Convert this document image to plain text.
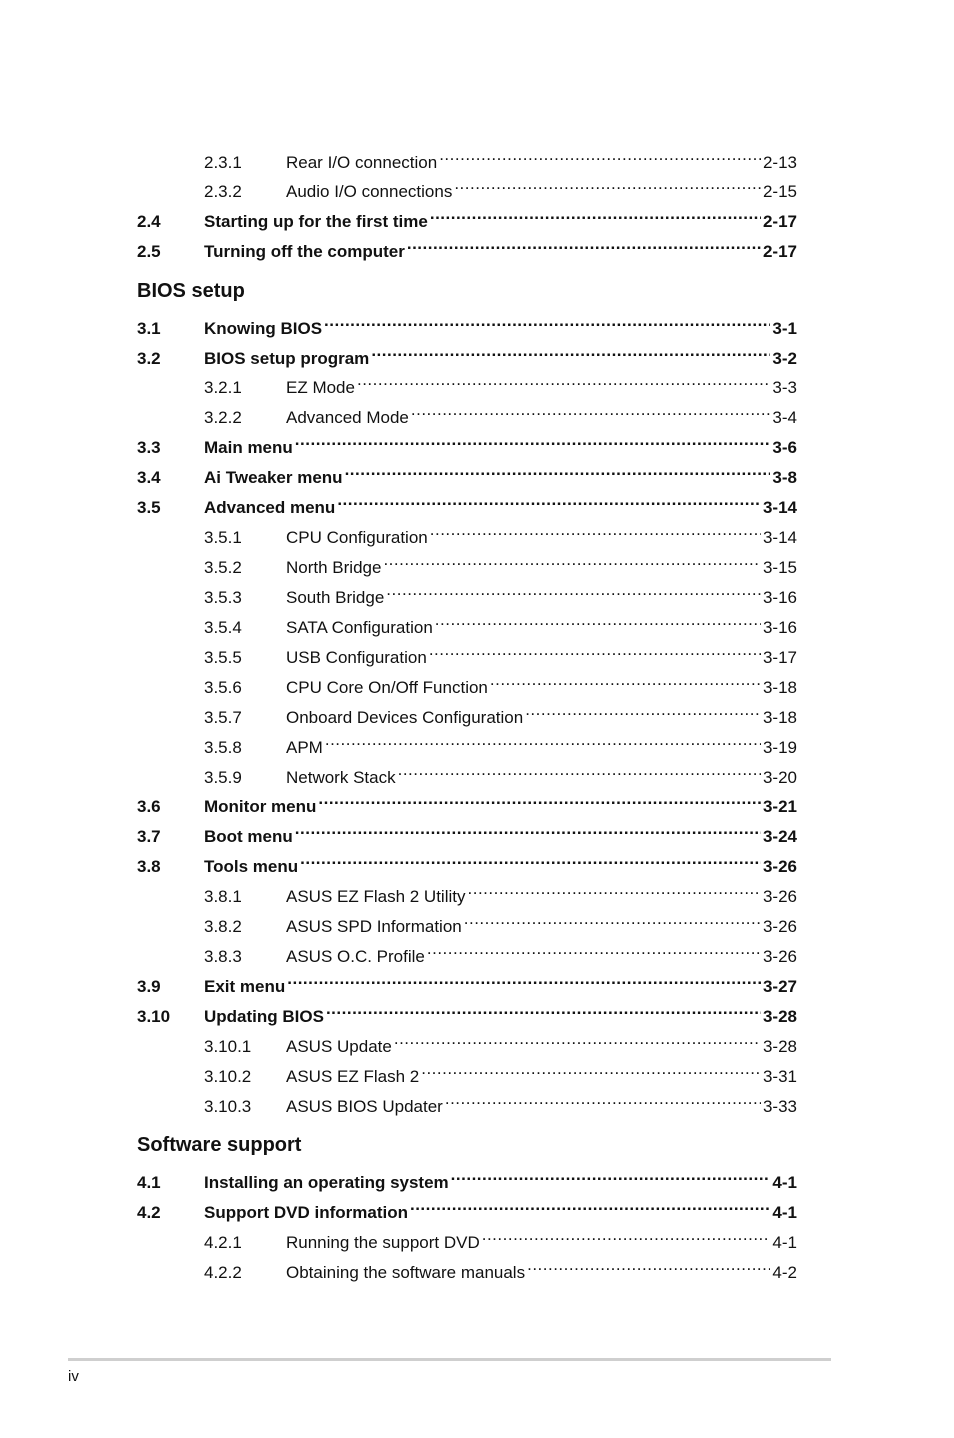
2.3.1	Rear I/O connection .....	2-13
2.3.2	Audio I/O connections .....	2-15
2.4	Starting up for the first time .....	2-17
2.5	Turning off the computer .....	2-17
BIOS setup
3.1	Knowing BIOS .....	3-1
3.2	BIOS setup program .....	3-2
3.2.1	EZ Mode .....	3-3
3.2.2	Advanced Mode .....	3-4
3.3	Main menu .....	3-6
3.4	Ai Tweaker menu .....	3-8
3.5	Advanced menu .....	3-14
3.5.1	CPU Configuration .....	3-14
3.5.2	North Bridge .....	3-15
3.5.3	South Bridge .....	3-16
3.5.4	SATA Configuration .....	3-16
3.5.5	USB Configuration .....	3-17
3.5.6	CPU Core On/Off Function .....	3-18
3.5.7	Onboard Devices Configuration .....	3-18
3.5.8	APM .....	3-19
3.5.9	Network Stack .....	3-20
3.6	Monitor menu .....	3-21
3.7	Boot menu .....	3-24
3.8	Tools menu .....	3-26
3.8.1	ASUS EZ Flash 2 Utility .....	3-26
3.8.2	ASUS SPD Information .....	3-26
3.8.3	ASUS O.C. Profile .....	3-26
3.9	Exit menu .....	3-27
3.10	Updating BIOS .....	3-28
3.10.1	ASUS Update .....	3-28
3.10.2	ASUS EZ Flash 2 .....	3-31
3.10.3	ASUS BIOS Updater .....	3-33
Software support
4.1	Installing an operating system .....	4-1
4.2	Support DVD information .....	4-1
4.2.1	Running the support DVD .....	4-1
4.2.2	Obtaining the software manuals .....	4-2
iv
